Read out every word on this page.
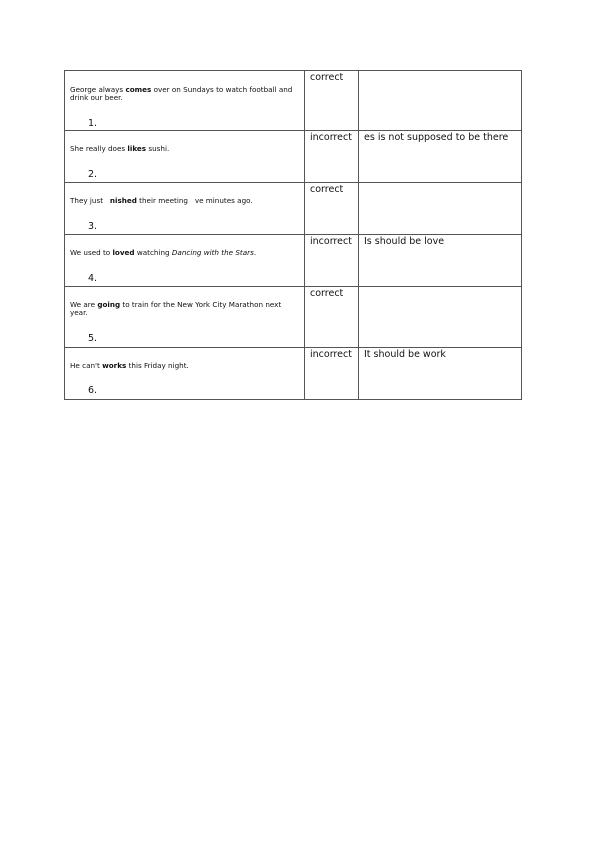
George always comes over on Sundays to watch football and drink our beer.
1.	correct	

She really does likes sushi.
2.	incorrect	es is not supposed to be there

They just   nished their meeting   ve minutes ago.
3.	correct	

We used to loved watching Dancing with the Stars.
4.	incorrect	Is should be love

We are going to train for the New York City Marathon next year.
5.	correct	

He can't works this Friday night.
6.	incorrect	It should be work
